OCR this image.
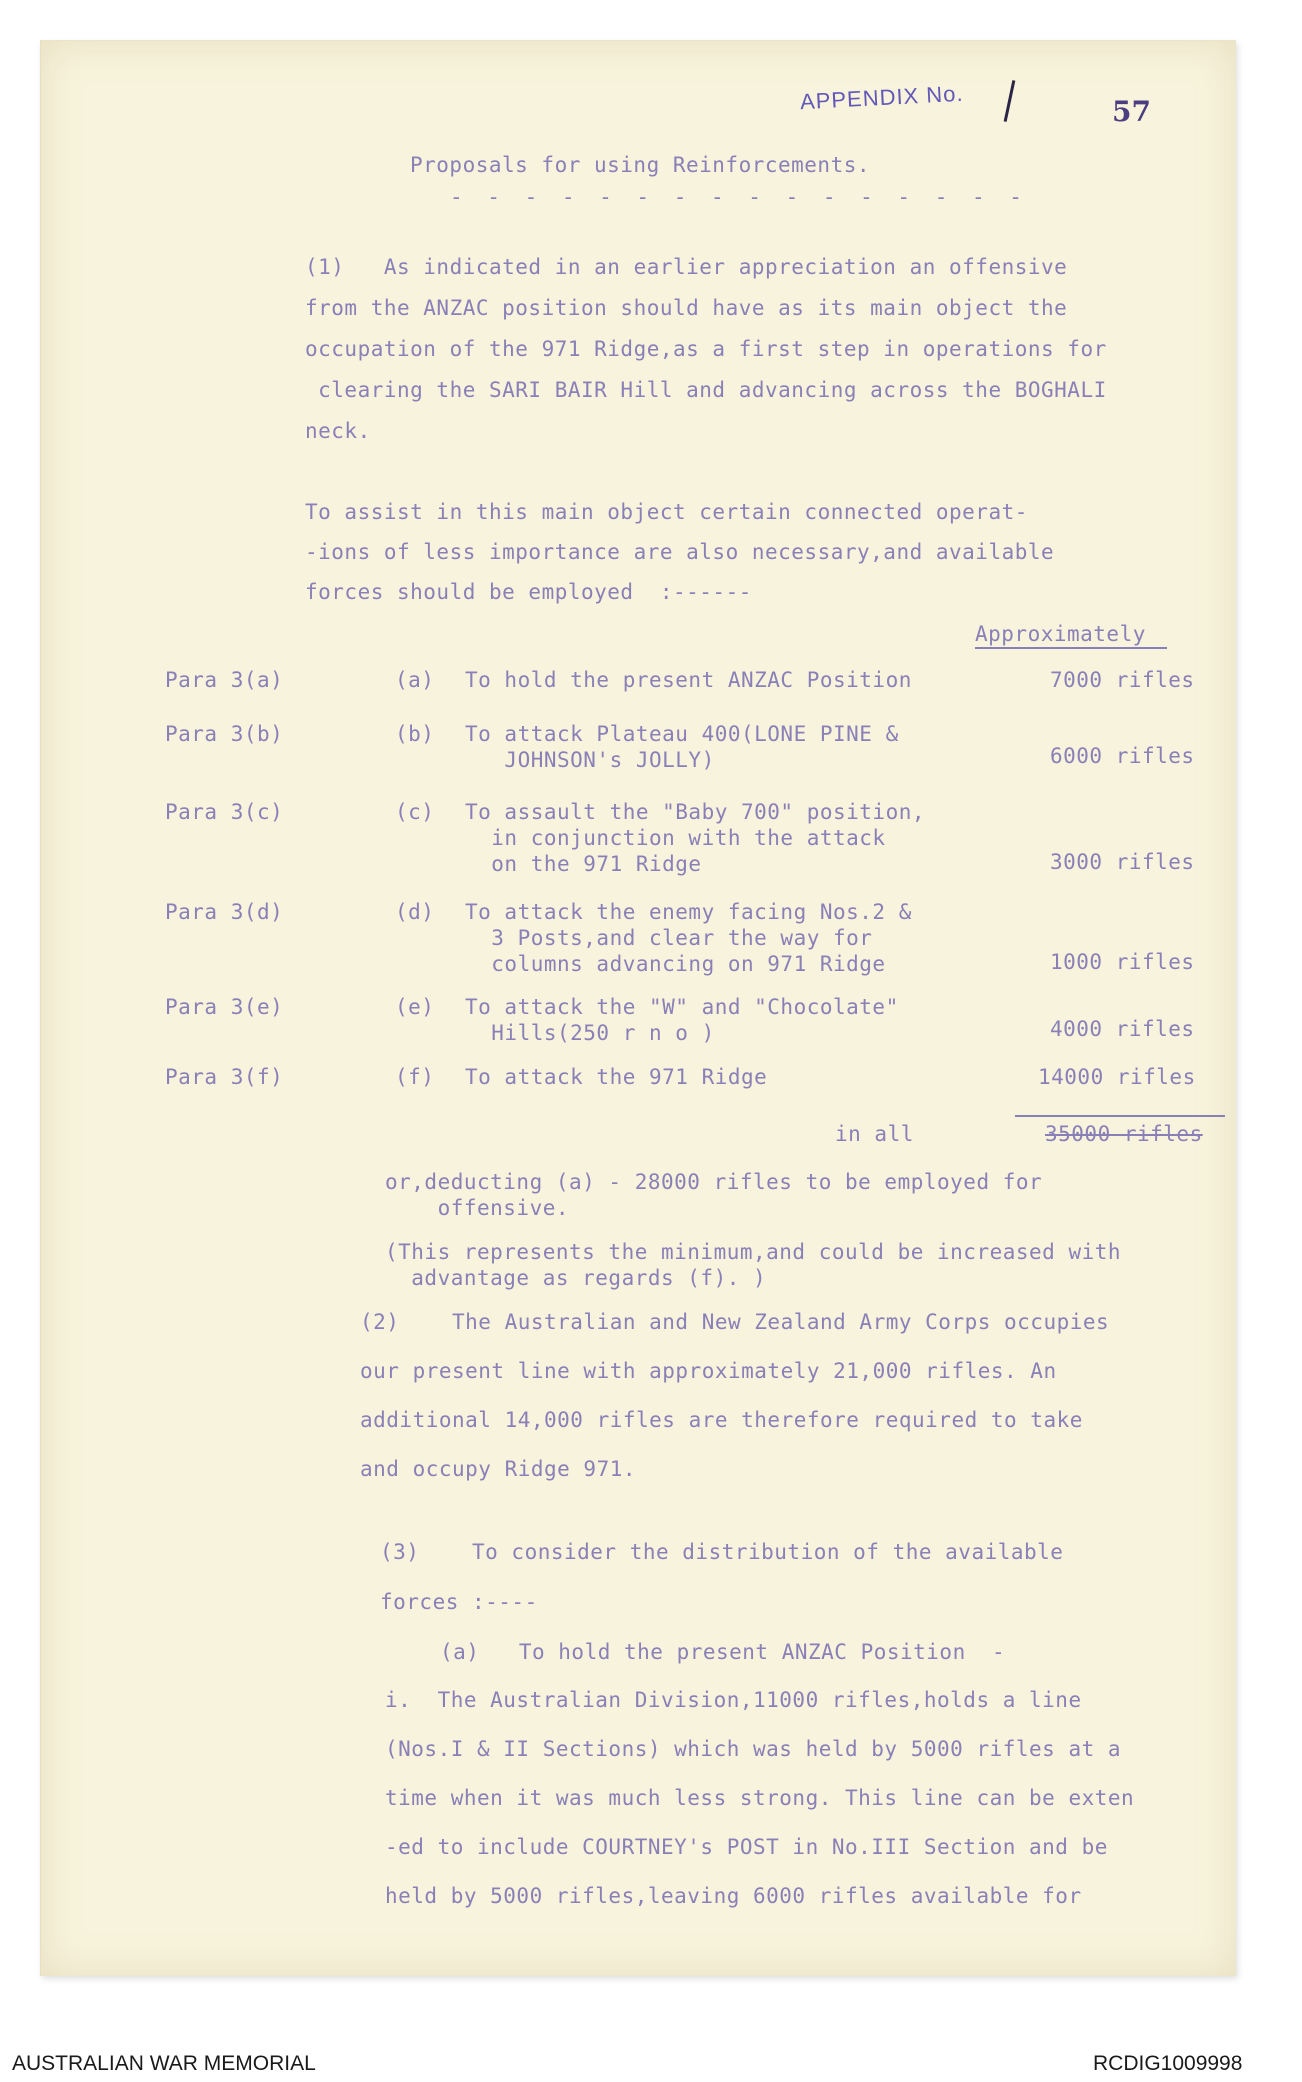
APPENDIX No.	57
Proposals for using Reinforcements.
- - - - - - - - - - - - - - - -
(1)   As indicated in an earlier appreciation an offensive
from the ANZAC position should have as its main object the
occupation of the 971 Ridge,as a first step in operations for
clearing the SARI BAIR Hill and advancing across the BOGHALI
neck.
To assist in this main object certain connected operat-
-ions of less importance are also necessary,and available
forces should be employed  :------
Approximately
Para 3(a)	(a) To hold the present ANZAC Position	7000 rifles
Para 3(b)	(b) To attack Plateau 400(LONE PINE &
JOHNSON's JOLLY)	6000 rifles
Para 3(c)	(c) To assault the "Baby 700" position,
in conjunction with the attack
on the 971 Ridge	3000 rifles
Para 3(d)	(d) To attack the enemy facing Nos.2 &
3 Posts,and clear the way for
columns advancing on 971 Ridge	1000 rifles
Para 3(e)	(e) To attack the "W" and "Chocolate"
Hills(250 r n o )	4000 rifles
Para 3(f)	(f) To attack the 971 Ridge	14000 rifles
in all	35000 rifles
or,deducting (a) - 28000 rifles to be employed for
offensive.
(This represents the minimum,and could be increased with
advantage as regards (f). )
(2)    The Australian and New Zealand Army Corps occupies
our present line with approximately 21,000 rifles. An
additional 14,000 rifles are therefore required to take
and occupy Ridge 971.
(3)    To consider the distribution of the available
forces :----
(a)   To hold the present ANZAC Position  -
i.  The Australian Division,11000 rifles,holds a line
(Nos.I & II Sections) which was held by 5000 rifles at a
time when it was much less strong. This line can be exten
-ed to include COURTNEY's POST in No.III Section and be
held by 5000 rifles,leaving 6000 rifles available for
AUSTRALIAN WAR MEMORIAL	RCDIG1009998
